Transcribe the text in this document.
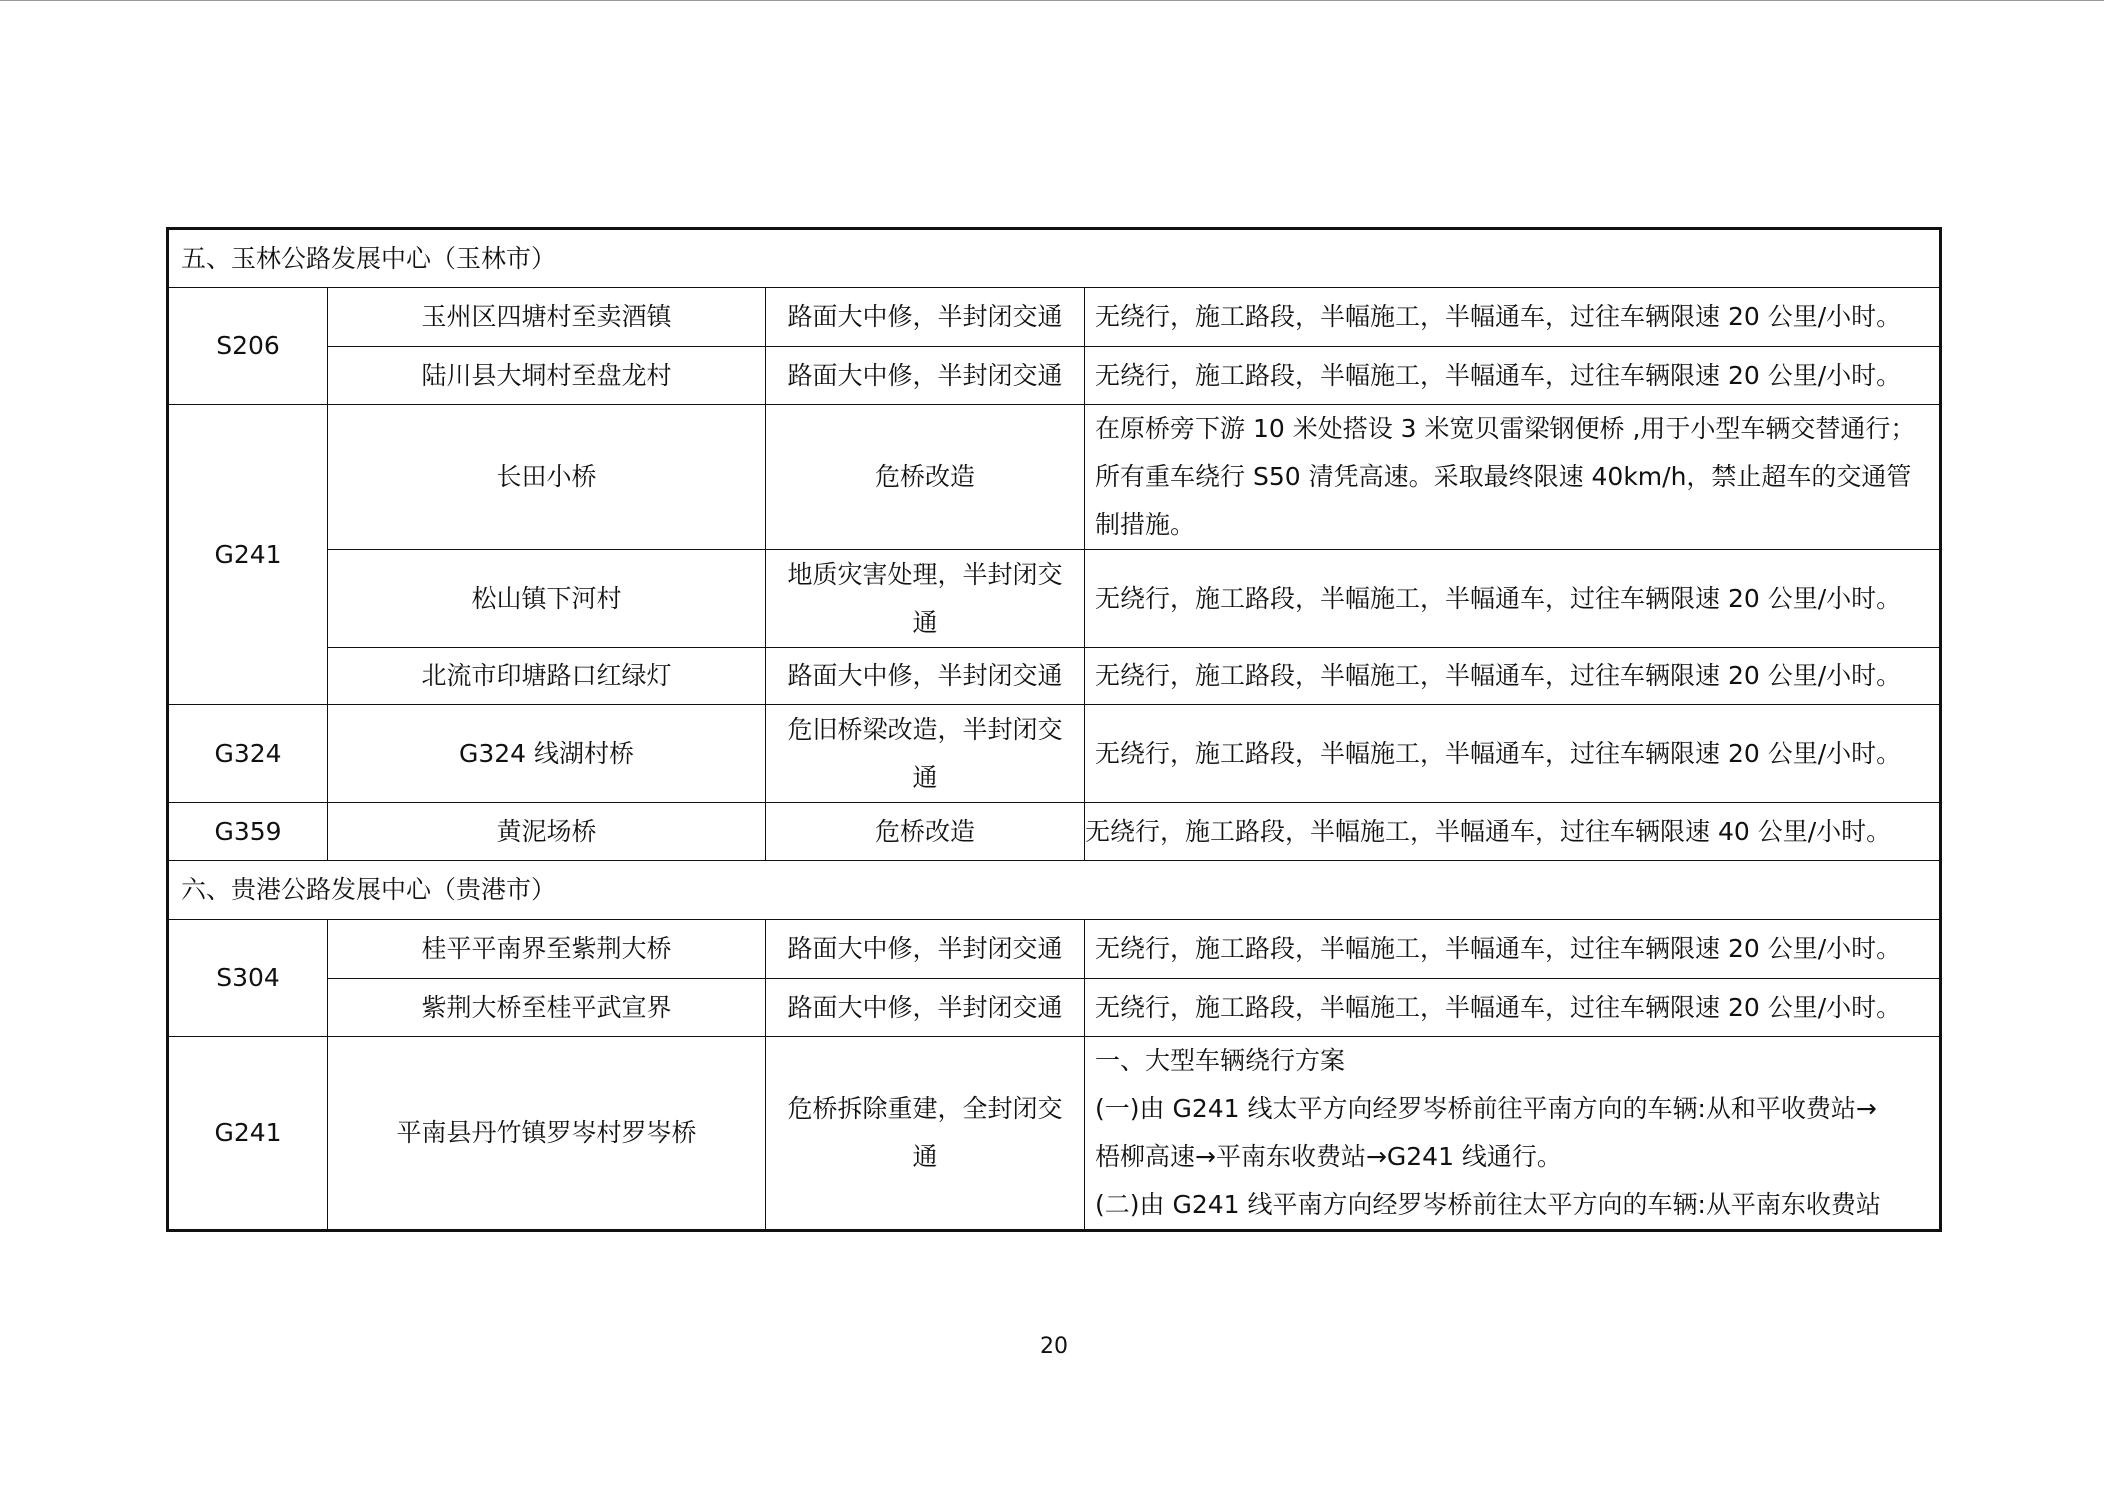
五、玉林公路发展中心（玉林市）			
S206	玉州区四塘村至卖酒镇	路面大中修，半封闭交通	无绕行，施工路段，半幅施工，半幅通车，过往车辆限速 20 公里/小时。
	陆川县大垌村至盘龙村	路面大中修，半封闭交通	无绕行，施工路段，半幅施工，半幅通车，过往车辆限速 20 公里/小时。
G241	长田小桥	危桥改造	在原桥旁下游 10 米处搭设 3 米宽贝雷梁钢便桥 ,用于小型车辆交替通行；
所有重车绕行 S50 清凭高速。采取最终限速 40km/h，禁止超车的交通管
制措施。

	松山镇下河村	地质灾害处理，半封闭交通	无绕行，施工路段，半幅施工，半幅通车，过往车辆限速 20 公里/小时。
	北流市印塘路口红绿灯	路面大中修，半封闭交通	无绕行，施工路段，半幅施工，半幅通车，过往车辆限速 20 公里/小时。
G324	G324 线湖村桥	危旧桥梁改造，半封闭交通	无绕行，施工路段，半幅施工，半幅通车，过往车辆限速 20 公里/小时。
G359	黄泥场桥	危桥改造	无绕行，施工路段，半幅施工，半幅通车，过往车辆限速 40 公里/小时。
六、贵港公路发展中心（贵港市）			
S304	桂平平南界至紫荆大桥	路面大中修，半封闭交通	无绕行，施工路段，半幅施工，半幅通车，过往车辆限速 20 公里/小时。
	紫荆大桥至桂平武宣界	路面大中修，半封闭交通	无绕行，施工路段，半幅施工，半幅通车，过往车辆限速 20 公里/小时。
G241	平南县丹竹镇罗岑村罗岑桥	危桥拆除重建，全封闭交通	一、大型车辆绕行方案
(一)由 G241 线太平方向经罗岑桥前往平南方向的车辆:从和平收费站→
梧柳高速→平南东收费站→G241 线通行。
(二)由 G241 线平南方向经罗岑桥前往太平方向的车辆:从平南东收费站
20
